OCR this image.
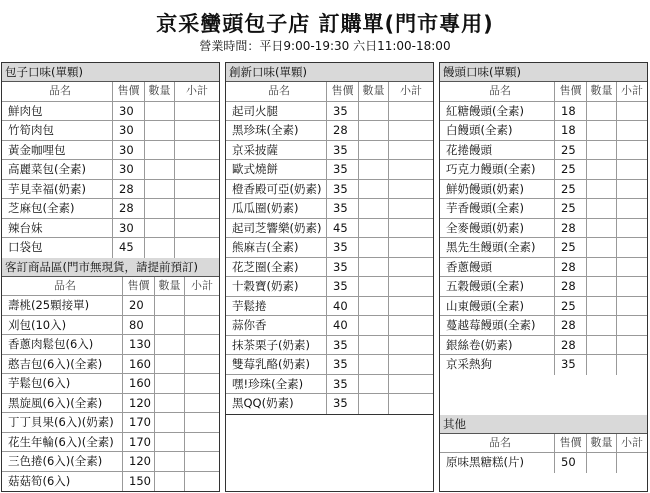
京采蠻頭包子店 訂購單(門市專用)
營業時間：平日9:00-19:30 六日11:00-18:00
包子口味(單顆)
品名	售價 數量	小計
鮮肉包	30
竹筍肉包	30
黃金咖哩包	30
高麗菜包(全素)	30
芋見幸福(奶素)	28
芝麻包(全素)	28
辣台妹	30
口袋包	45
客訂商品區(門市無現貨，請提前預訂)
品名	售價 數量 小計
壽桃(25顆接單)	20
刈包(10入)	80
香蔥肉鬆包(6入)	130
憨吉包(6入)(全素)	160
芋鬆包(6入)	160
黑旋風(6入)(全素)	120
丁丁貝果(6入)(奶素)	170
花生年輪(6入)(全素)	170
三色捲(6入)(全素)	120
菇菇筍(6入)	150
創新口味(單顆)
品名	售價 數量	小計
起司火腿	35
黑珍珠(全素)	28
京采披薩	35
歐式燒餅	35
橙香殿可亞(奶素)	35
瓜瓜圈(奶素)	35
起司芝響樂(奶素)	45
熊麻吉(全素)	35
花芝圈(全素)	35
十穀寶(奶素)	35
芋鬆捲	40
蒜你香	40
抹茶栗子(奶素)	35
雙莓乳酪(奶素)	35
嘿!珍珠(全素)	35
黑QQ(奶素)	35
饅頭口味(單顆)
品名	售價 數量 小計
紅糖饅頭(全素)	18
白饅頭(全素)	18
花捲饅頭	25
巧克力饅頭(全素)	25
鮮奶饅頭(奶素)	25
芋香饅頭(全素)	25
全麥饅頭(奶素)	28
黑先生饅頭(全素)	25
香蔥饅頭	28
五穀饅頭(全素)	28
山東饅頭(全素)	25
蔓越莓饅頭(全素)	28
銀絲卷(奶素)	28
京采熱狗	35
其他
品名	售價 數量 小計
原味黑糖糕(片)	50
